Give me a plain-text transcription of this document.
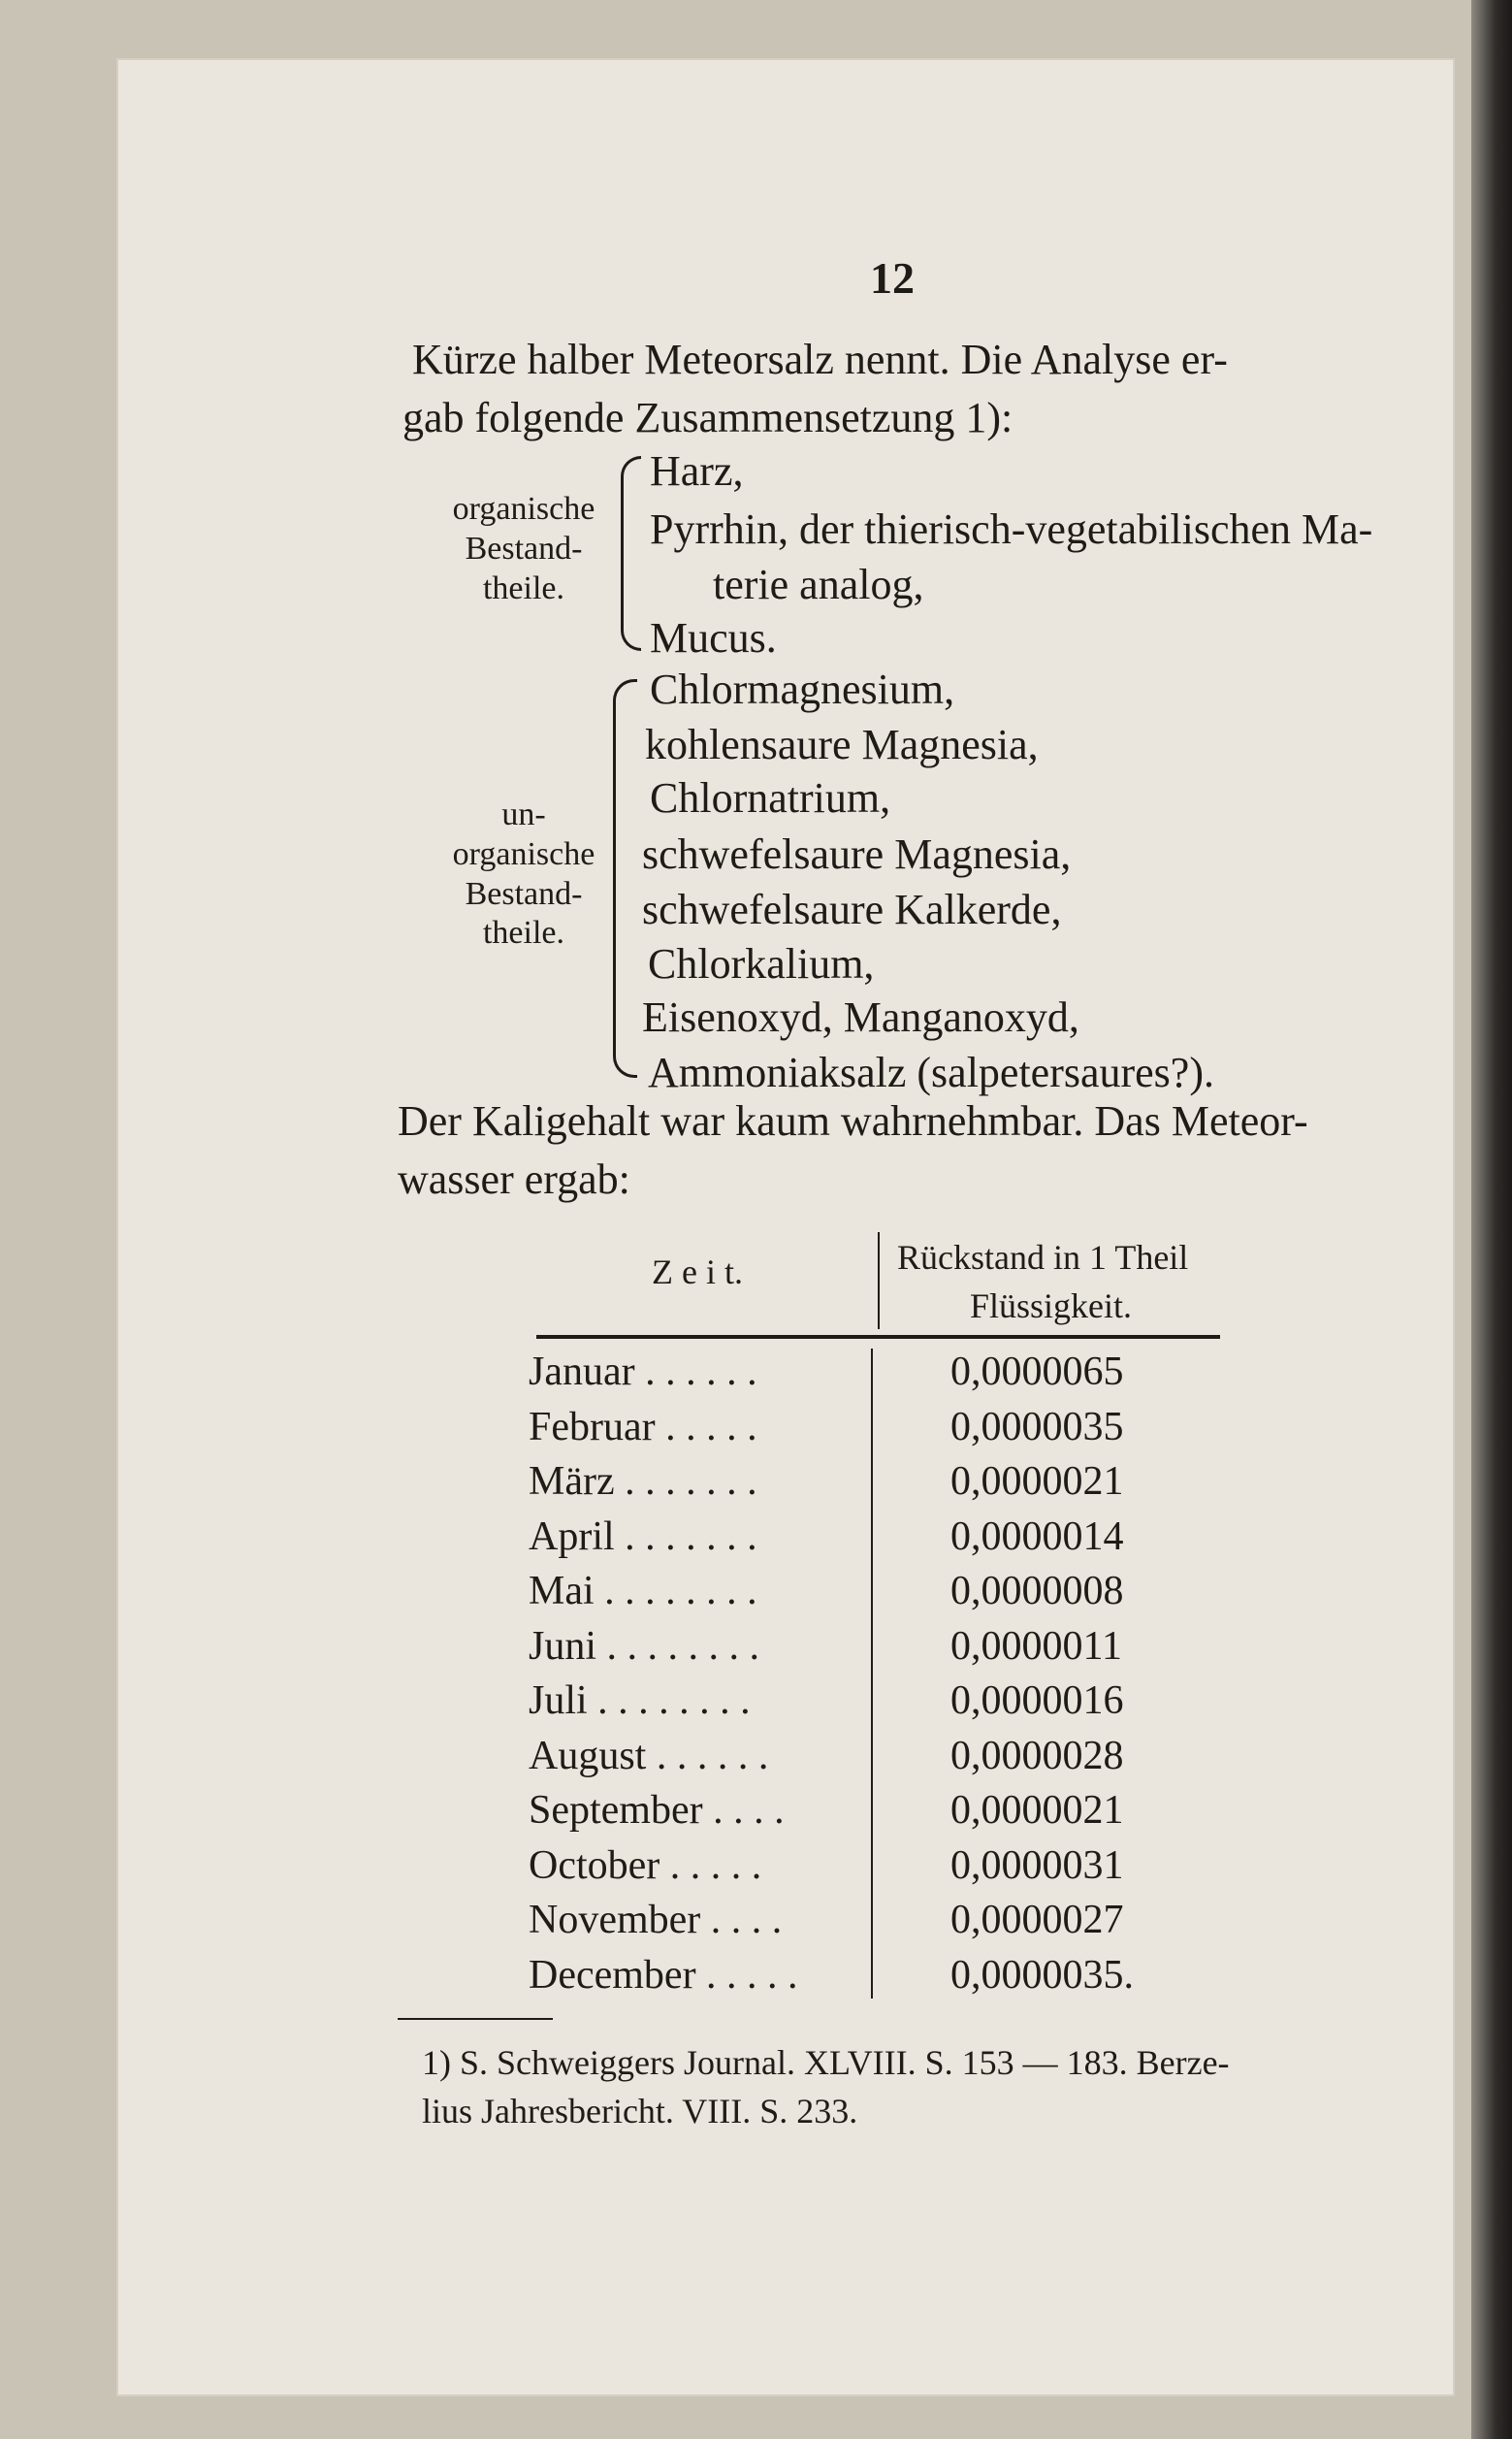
12
Kürze halber Meteorsalz nennt. Die Analyse er-
gab folgende Zusammensetzung 1):
organische
Bestand-
theile.
Harz,
Pyrrhin, der thierisch-vegetabilischen Ma-
terie analog,
Mucus.
un-
organische
Bestand-
theile.
Chlormagnesium,
kohlensaure Magnesia,
Chlornatrium,
schwefelsaure Magnesia,
schwefelsaure Kalkerde,
Chlorkalium,
Eisenoxyd, Manganoxyd,
Ammoniaksalz (salpetersaures?).
Der Kaligehalt war kaum wahrnehmbar. Das Meteor-
wasser ergab:
Z e i t.	Rückstand in 1 Theil
Flüssigkeit.
Januar . . . . . .	0,0000065
Februar . . . . .	0,0000035
März . . . . . . .	0,0000021
April . . . . . . .	0,0000014
Mai . . . . . . . .	0,0000008
Juni . . . . . . . .	0,0000011
Juli . . . . . . . .	0,0000016
August . . . . . .	0,0000028
September . . . .	0,0000021
October . . . . .	0,0000031
November . . . .	0,0000027
December . . . . .	0,0000035.
1) S. Schweiggers Journal. XLVIII. S. 153 — 183. Berze-
lius Jahresbericht. VIII. S. 233.
